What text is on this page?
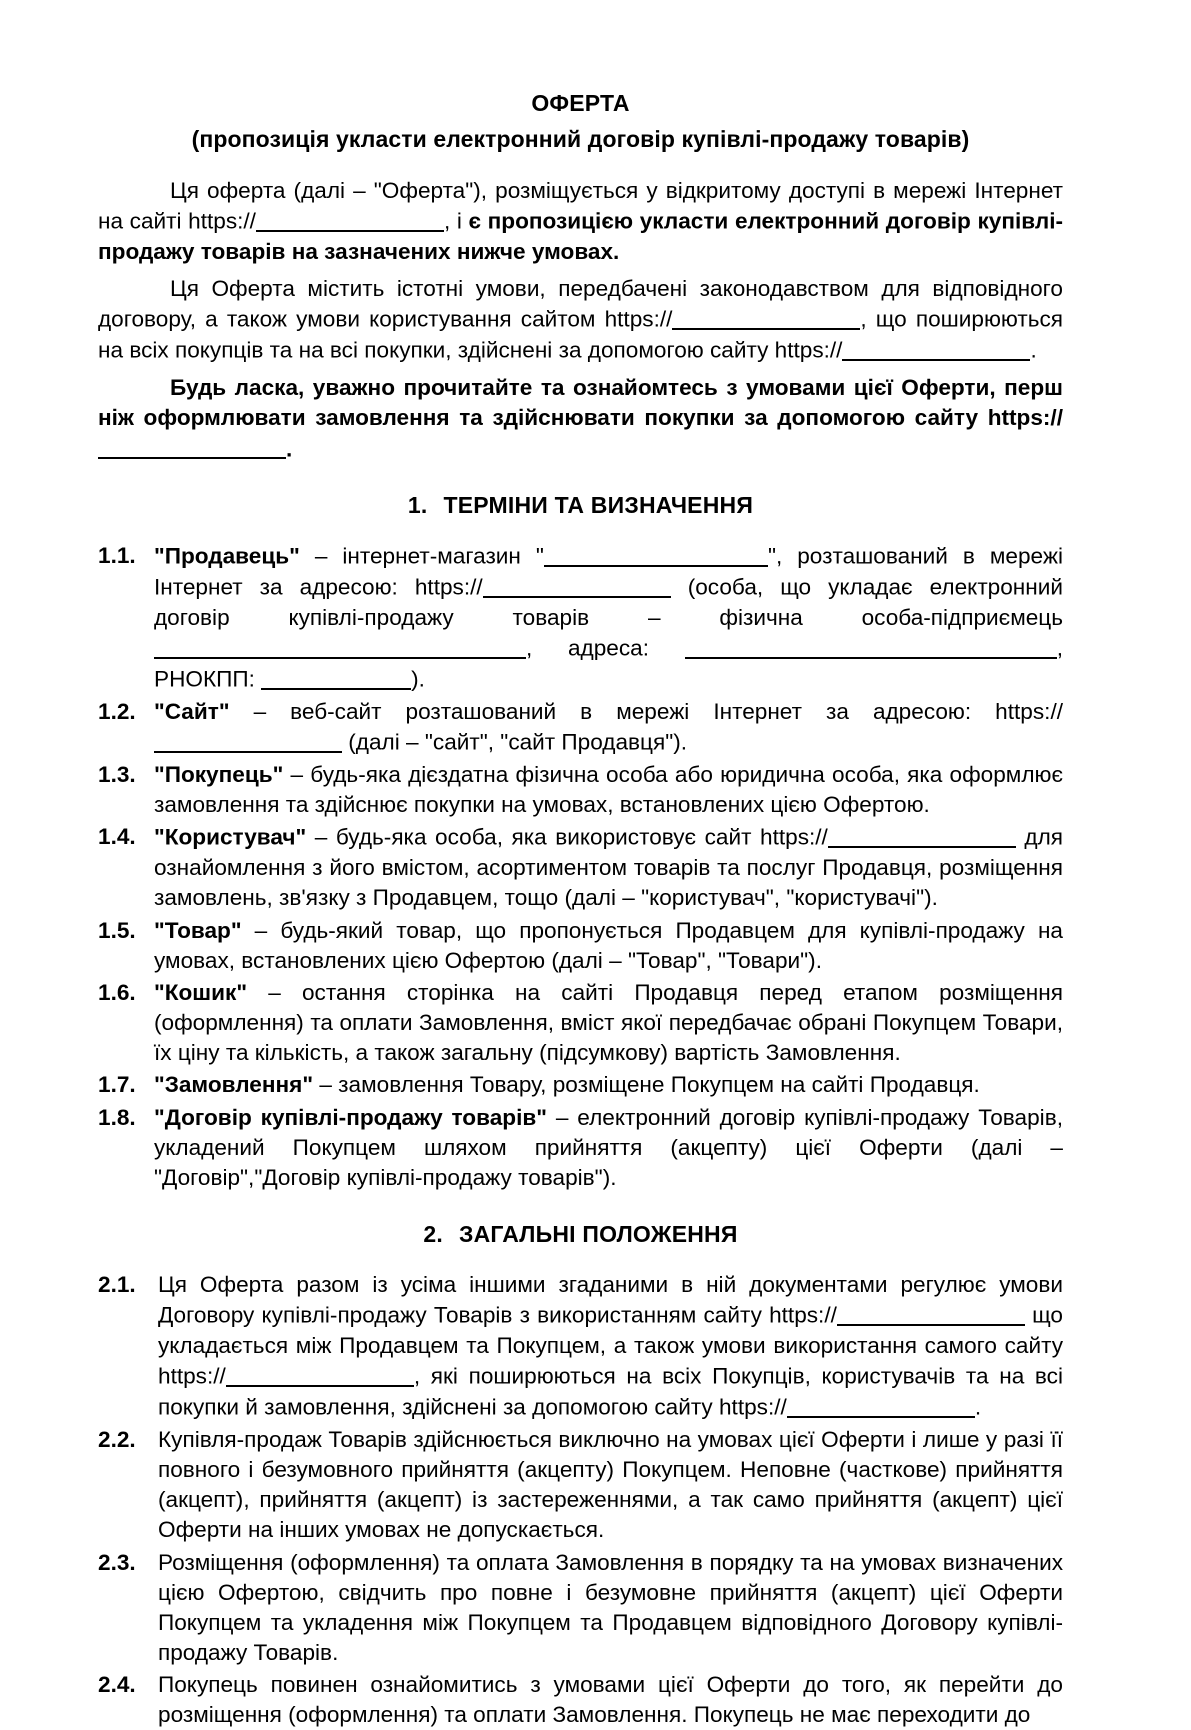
ОФЕРТА
(пропозиція укласти електронний договір купівлі-продажу товарів)
Ця оферта (далі – "Оферта"), розміщується у відкритому доступі в мережі Інтернет на сайті https://	, і є пропозицією укласти електронний договір купівлі-продажу товарів на зазначених нижче умовах.
Ця Оферта містить істотні умови, передбачені законодавством для відповідного договору, а також умови користування сайтом https://	, що поширюються на всіх покупців та на всі покупки, здійснені за допомогою сайту https://	.
Будь ласка, уважно прочитайте та ознайомтесь з умовами цієї Оферти, перш ніж оформлювати замовлення та здійснювати покупки за допомогою сайту https://.
1. ТЕРМІНИ ТА ВИЗНАЧЕННЯ
1.1. "Продавець" – інтернет-магазин "	", розташований в мережі Інтернет за адресою: https://	(особа, що укладає електронний договір купівлі-продажу товарів – фізична особа-підприємець , адреса:	, РНОКПП:	).
1.2. "Сайт" – веб-сайт розташований в мережі Інтернет за адресою: https:// (далі – "сайт", "сайт Продавця").
1.3. "Покупець" – будь-яка дієздатна фізична особа або юридична особа, яка оформлює замовлення та здійснює покупки на умовах, встановлених цією Офертою.
1.4. "Користувач" – будь-яка особа, яка використовує сайт https://	для ознайомлення з його вмістом, асортиментом товарів та послуг Продавця, розміщення замовлень, зв'язку з Продавцем, тощо (далі – "користувач", "користувачі").
1.5. "Товар" – будь-який товар, що пропонується Продавцем для купівлі-продажу на умовах, встановлених цією Офертою (далі – "Товар", "Товари").
1.6. "Кошик" – остання сторінка на сайті Продавця перед етапом розміщення (оформлення) та оплати Замовлення, вміст якої передбачає обрані Покупцем Товари, їх ціну та кількість, а також загальну (підсумкову) вартість Замовлення.
1.7. "Замовлення" – замовлення Товару, розміщене Покупцем на сайті Продавця.
1.8. "Договір купівлі-продажу товарів" – електронний договір купівлі-продажу Товарів, укладений Покупцем шляхом прийняття (акцепту) цієї Оферти (далі – "Договір","Договір купівлі-продажу товарів").
2. ЗАГАЛЬНІ ПОЛОЖЕННЯ
2.1. Ця Оферта разом із усіма іншими згаданими в ній документами регулює умови Договору купівлі-продажу Товарів з використанням сайту https://	що укладається між Продавцем та Покупцем, а також умови використання самого сайту https://	, які поширюються на всіх Покупців, користувачів та на всі покупки й замовлення, здійснені за допомогою сайту https://	.
2.2. Купівля-продаж Товарів здійснюється виключно на умовах цієї Оферти і лише у разі її повного і безумовного прийняття (акцепту) Покупцем. Неповне (часткове) прийняття (акцепт), прийняття (акцепт) із застереженнями, а так само прийняття (акцепт) цієї Оферти на інших умовах не допускається.
2.3. Розміщення (оформлення) та оплата Замовлення в порядку та на умовах визначених цією Офертою, свідчить про повне і безумовне прийняття (акцепт) цієї Оферти Покупцем та укладення між Покупцем та Продавцем відповідного Договору купівлі-продажу Товарів.
2.4. Покупець повинен ознайомитись з умовами цієї Оферти до того, як перейти до розміщення (оформлення) та оплати Замовлення. Покупець не має переходити до
